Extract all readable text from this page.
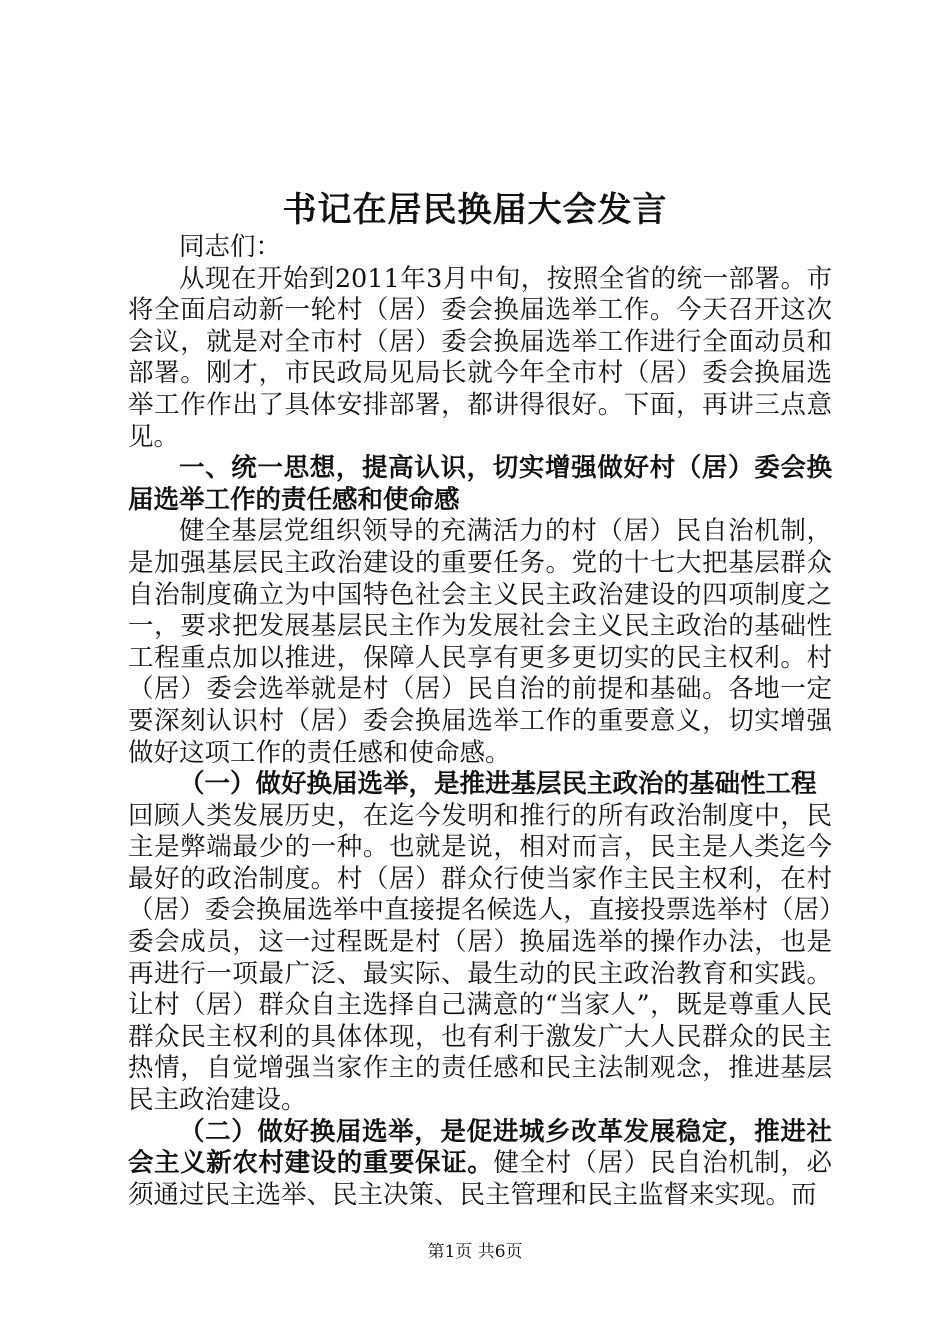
书记在居民换届大会发言

同志们：

从现在开始到2011年3月中旬，按照全省的统一部署。市将全面启动新一轮村（居）委会换届选举工作。今天召开这次会议，就是对全市村（居）委会换届选举工作进行全面动员和部署。刚才，市民政局见局长就今年全市村（居）委会换届选举工作作出了具体安排部署，都讲得很好。下面，再讲三点意见。

一、统一思想，提高认识，切实增强做好村（居）委会换届选举工作的责任感和使命感

健全基层党组织领导的充满活力的村（居）民自治机制，是加强基层民主政治建设的重要任务。党的十七大把基层群众自治制度确立为中国特色社会主义民主政治建设的四项制度之一，要求把发展基层民主作为发展社会主义民主政治的基础性工程重点加以推进，保障人民享有更多更切实的民主权利。村（居）委会选举就是村（居）民自治的前提和基础。各地一定要深刻认识村（居）委会换届选举工作的重要意义，切实增强做好这项工作的责任感和使命感。

（一）做好换届选举，是推进基层民主政治的基础性工程

回顾人类发展历史，在迄今发明和推行的所有政治制度中，民主是弊端最少的一种。也就是说，相对而言，民主是人类迄今最好的政治制度。村（居）群众行使当家作主民主权利，在村（居）委会换届选举中直接提名候选人，直接投票选举村（居）委会成员，这一过程既是村（居）换届选举的操作办法，也是再进行一项最广泛、最实际、最生动的民主政治教育和实践。让村（居）群众自主选择自己满意的“当家人”，既是尊重人民群众民主权利的具体体现，也有利于激发广大人民群众的民主热情，自觉增强当家作主的责任感和民主法制观念，推进基层民主政治建设。

（二）做好换届选举，是促进城乡改革发展稳定，推进社会主义新农村建设的重要保证。健全村（居）民自治机制，必须通过民主选举、民主决策、民主管理和民主监督来实现。而

第1页 共6页
